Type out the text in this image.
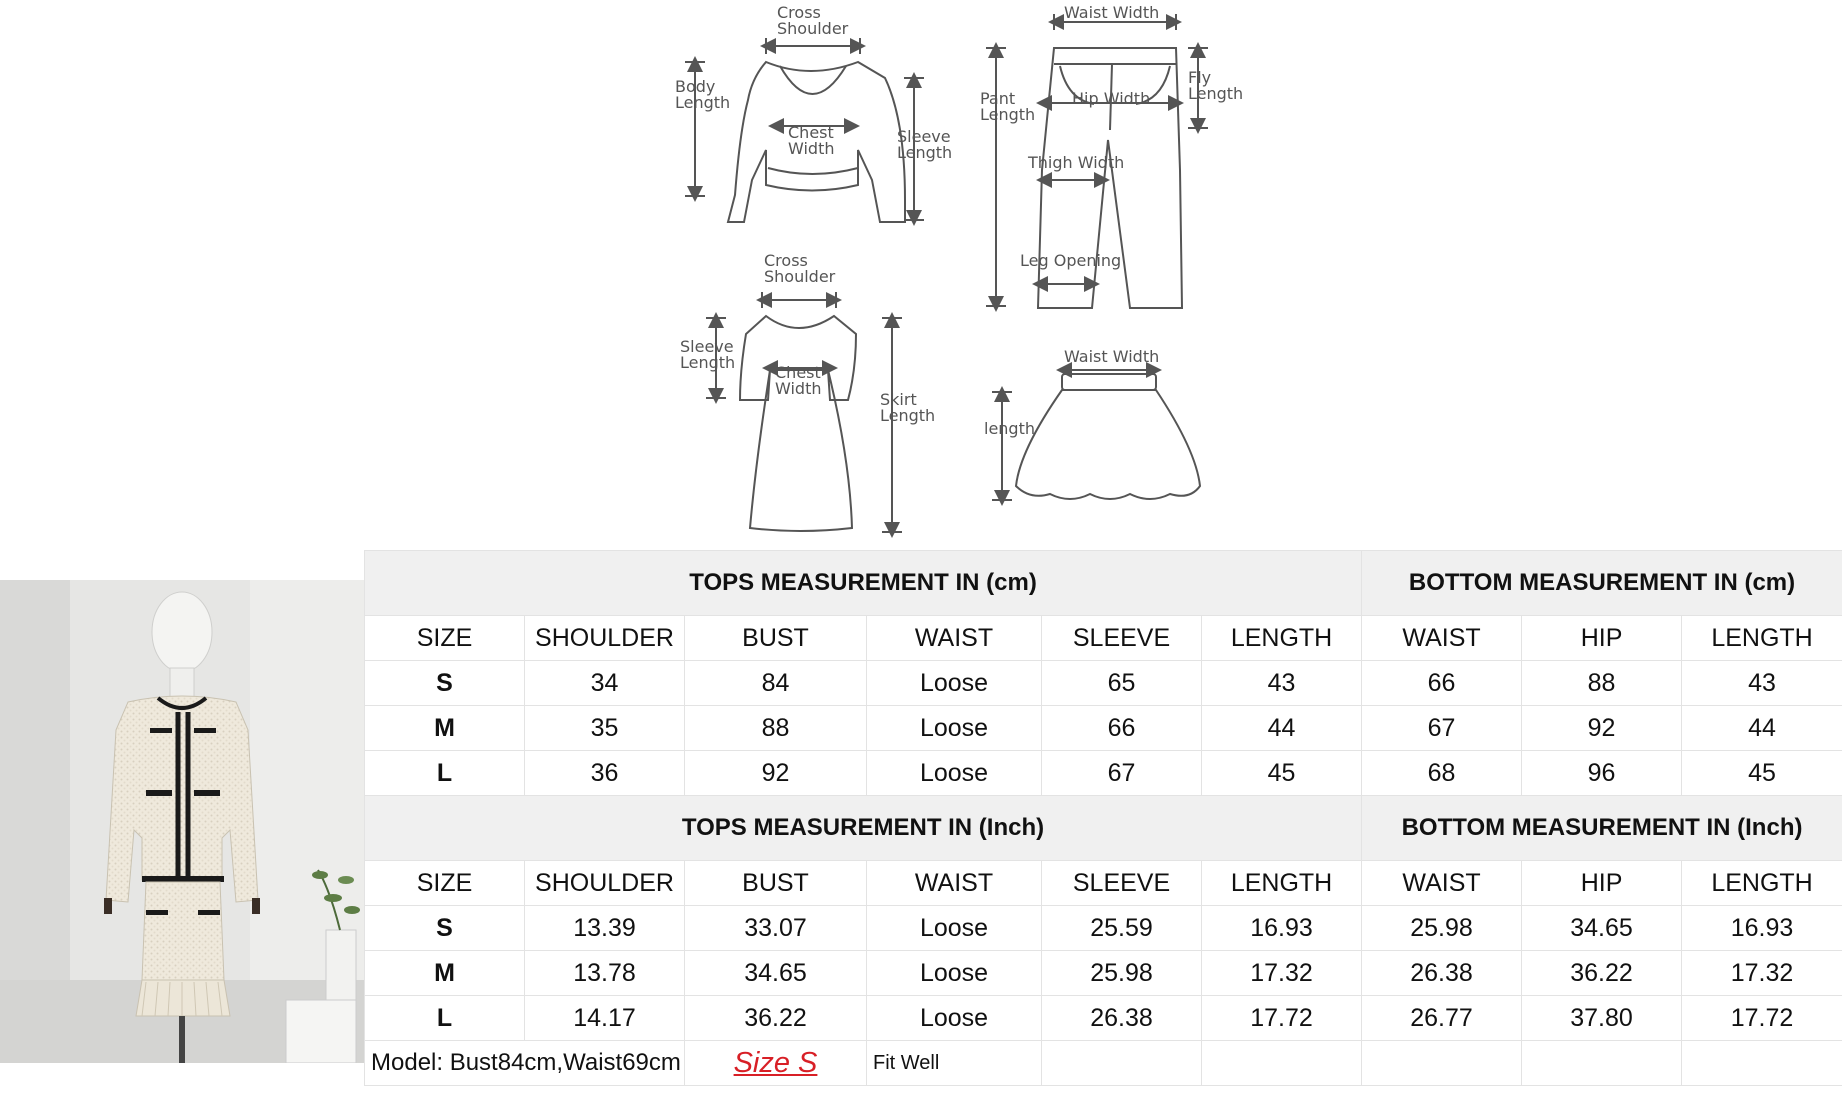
Cross
Shoulder
Body
Length
Chest
Width
Sleeve
Length
Waist Width
Pant
Length
Fly
Length
Hip Width
Thigh Width
Leg Opening
Cross
Shoulder
Sleeve
Length
Chest
Width
Skirt
Length
Waist Width
length
TOPS MEASUREMENT IN (cm)						BOTTOM MEASUREMENT IN (cm)		
SIZE	SHOULDER	BUST	WAIST	SLEEVE	LENGTH	WAIST	HIP	LENGTH
S	34	84	Loose	65	43	66	88	43
M	35	88	Loose	66	44	67	92	44
L	36	92	Loose	67	45	68	96	45
TOPS MEASUREMENT IN (Inch)						BOTTOM MEASUREMENT IN (Inch)		
SIZE	SHOULDER	BUST	WAIST	SLEEVE	LENGTH	WAIST	HIP	LENGTH
S	13.39	33.07	Loose	25.59	16.93	25.98	34.65	16.93
M	13.78	34.65	Loose	25.98	17.32	26.38	36.22	17.32
L	14.17	36.22	Loose	26.38	17.72	26.77	37.80	17.72
Model: Bust84cm,Waist69cm		Size S	Fit Well					
